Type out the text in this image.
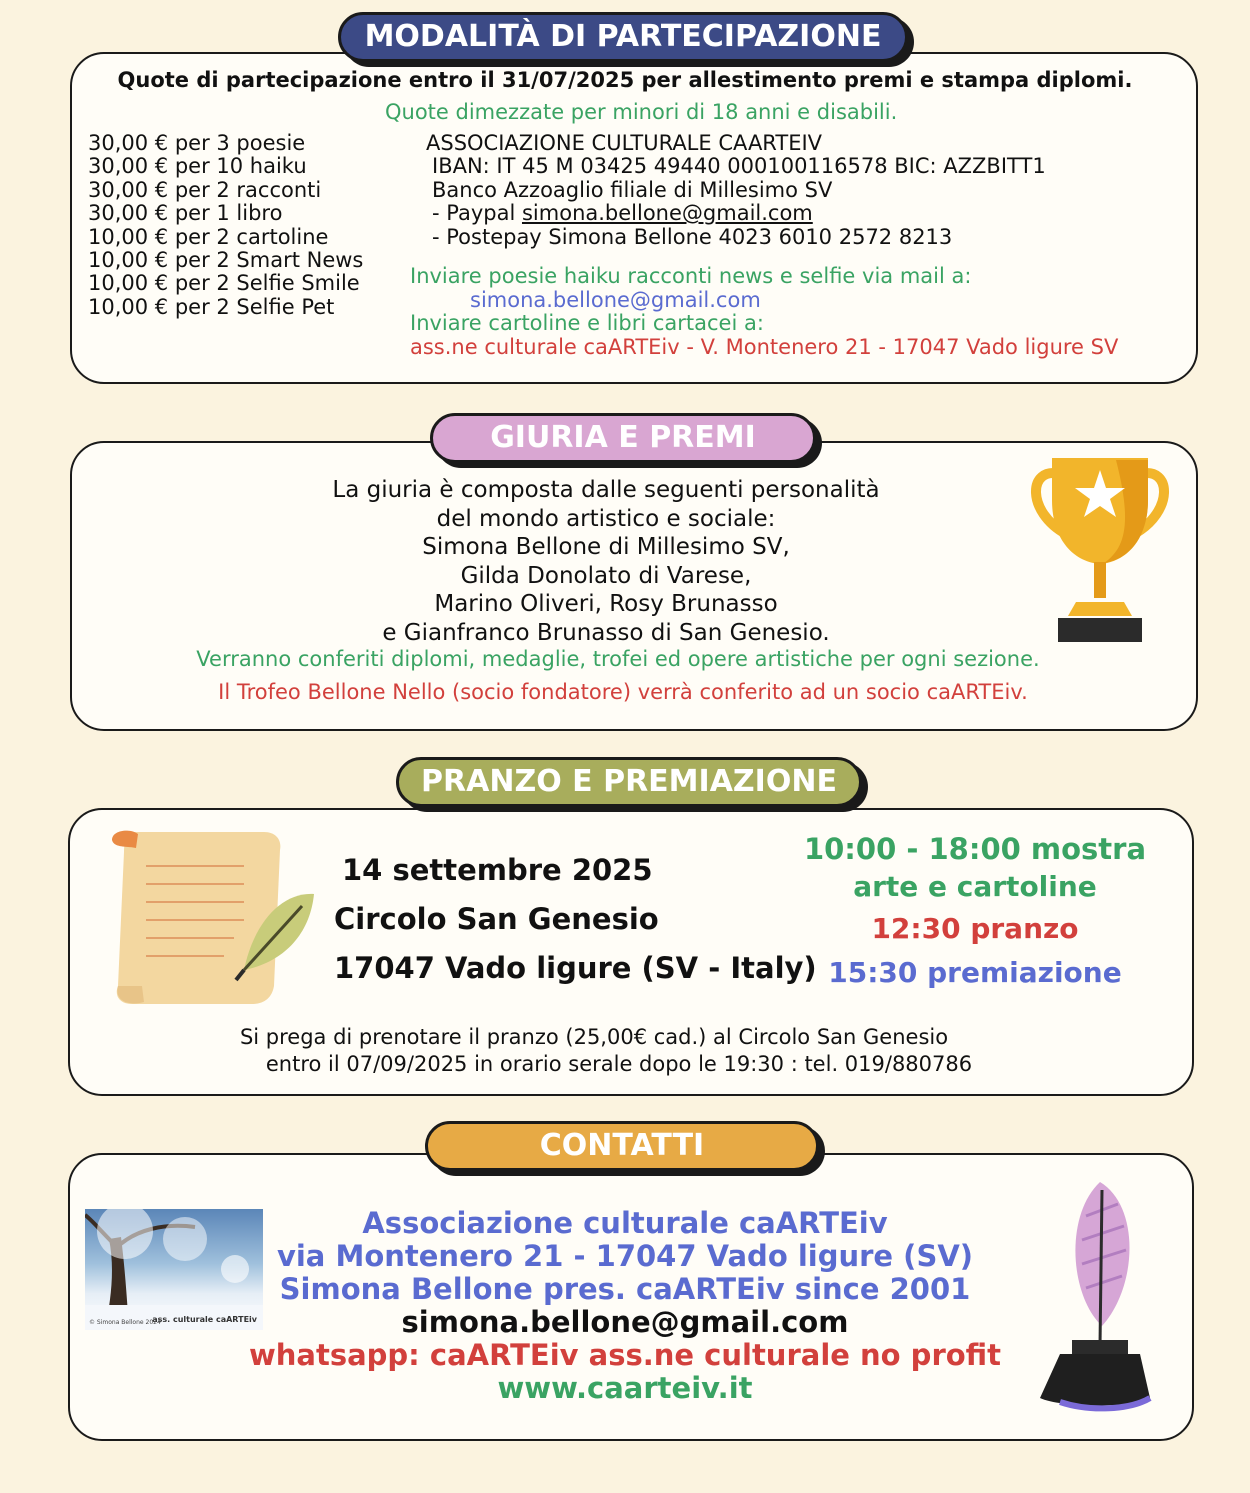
MODALITÀ DI PARTECIPAZIONE
Quote di partecipazione entro il 31/07/2025 per allestimento premi e stampa diplomi.
Quote dimezzate per minori di 18 anni e disabili.
30,00 € per 3 poesie
30,00 € per 10 haiku
30,00 € per 2 racconti
30,00 € per 1 libro
10,00 € per 2 cartoline
10,00 € per 2 Smart News
10,00 € per 2 Selfie Smile
10,00 € per 2 Selfie Pet
ASSOCIAZIONE CULTURALE CAARTEIV
IBAN: IT 45 M 03425 49440 000100116578 BIC: AZZBITT1
Banco Azzoaglio filiale di Millesimo SV
- Paypal simona.bellone@gmail.com
- Postepay Simona Bellone 4023 6010 2572 8213
Inviare poesie haiku racconti news e selfie via mail a:
simona.bellone@gmail.com
Inviare cartoline e libri cartacei a:
ass.ne culturale caARTEiv - V. Montenero 21 - 17047 Vado ligure SV
GIURIA E PREMI
La giuria è composta dalle seguenti personalità
del mondo artistico e sociale:
Simona Bellone di Millesimo SV,
Gilda Donolato di Varese,
Marino Oliveri, Rosy Brunasso
e Gianfranco Brunasso di San Genesio.
Verranno conferiti diplomi, medaglie, trofei ed opere artistiche per ogni sezione.
Il Trofeo Bellone Nello (socio fondatore) verrà conferito ad un socio caARTEiv.
PRANZO E PREMIAZIONE
14 settembre 2025
Circolo San Genesio
17047 Vado ligure (SV - Italy)
10:00 - 18:00 mostra
arte e cartoline
12:30 pranzo
15:30 premiazione
Si prega di prenotare il pranzo (25,00€ cad.) al Circolo San Genesio
entro il 07/09/2025 in orario serale dopo le 19:30 : tel. 019/880786
CONTATTI
ass. culturale caARTEiv
© Simona Bellone 2024
Associazione culturale caARTEiv
via Montenero 21 - 17047 Vado ligure (SV)
Simona Bellone pres. caARTEiv since 2001
simona.bellone@gmail.com
whatsapp: caARTEiv ass.ne culturale no profit
www.caarteiv.it
